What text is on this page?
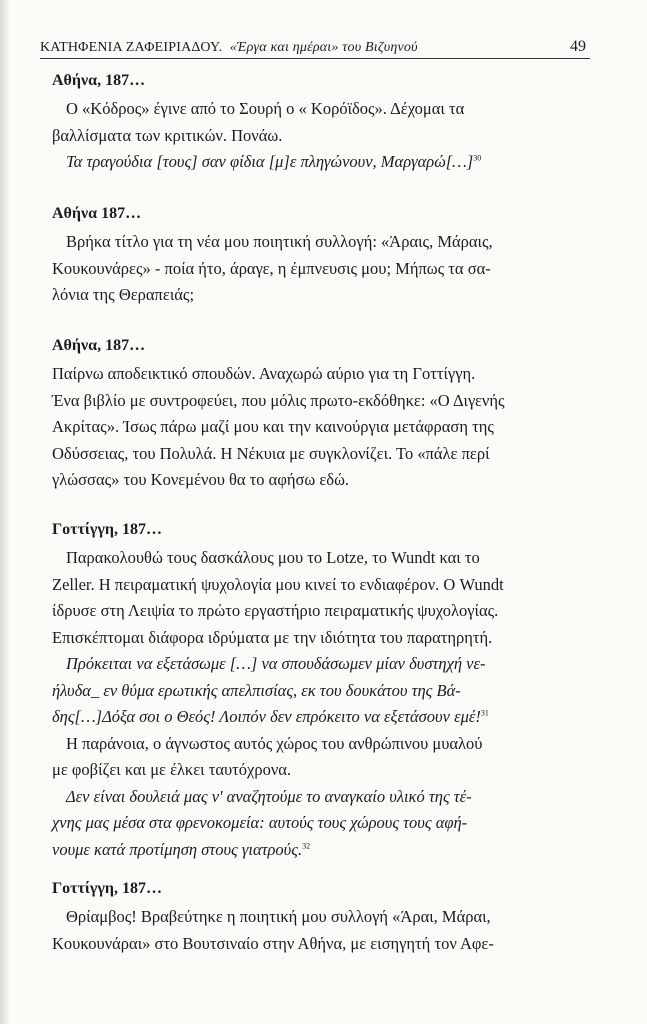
ΚΑΤΗΦΕΝΙΑ ΖΑΦΕΙΡΙΑΔΟΥ. «Έργα και ημέραι» του Βιζυηνού	49
Αθήνα, 187…
Ο «Κόδρος» έγινε από το Σουρή ο « Κορόϊδος». Δέχομαι τα
βαλλίσματα των κριτικών. Πονάω.
Τα τραγούδια [τους] σαν φίδια [μ]ε πληγώνουν, Μαργαρώ[…]$^{30}$
Αθήνα 187…
Βρήκα τίτλο για τη νέα μου ποιητική συλλογή: «Άραις, Μάραις,
Κουκουνάρες» - ποία ήτο, άραγε, η έμπνευσις μου; Μήπως τα σα-
λόνια της Θεραπειάς;
Αθήνα, 187…
Παίρνω αποδεικτικό σπουδών. Αναχωρώ αύριο για τη Γοττίγγη.
Ένα βιβλίο με συντροφεύει, που μόλις πρωτο-εκδόθηκε: «Ο Διγενής
Ακρίτας». Ίσως πάρω μαζί μου και την καινούργια μετάφραση της
Οδύσσειας, του Πολυλά. Η Νέκυια με συγκλονίζει. Το «πάλε περί
γλώσσας» του Κονεμένου θα το αφήσω εδώ.
Γοττίγγη, 187…
Παρακολουθώ τους δασκάλους μου το Lotze, το Wundt και το
Zeller. Η πειραματική ψυχολογία μου κινεί το ενδιαφέρον. Ο Wundt
ίδρυσε στη Λειψία το πρώτο εργαστήριο πειραματικής ψυχολογίας.
Επισκέπτομαι διάφορα ιδρύματα με την ιδιότητα του παρατηρητή.
Πρόκειται να εξετάσωμε […] να σπουδάσωμεν μίαν δυστηχή νε-
ήλυδα_ εν θύμα ερωτικής απελπισίας, εκ του δουκάτου της Βά-
δης[…]Δόξα σοι ο Θεός! Λοιπόν δεν επρόκειτο να εξετάσουν εμέ!$^{31}$
Η παράνοια, ο άγνωστος αυτός χώρος του ανθρώπινου μυαλού
με φοβίζει και με έλκει ταυτόχρονα.
Δεν είναι δουλειά μας ν' αναζητούμε το αναγκαίο υλικό της τέ-
χνης μας μέσα στα φρενοκομεία: αυτούς τους χώρους τους αφή-
νουμε κατά προτίμηση στους γιατρούς.$^{32}$
Γοττίγγη, 187…
Θρίαμβος! Βραβεύτηκε η ποιητική μου συλλογή «Άραι, Μάραι,
Κουκουνάραι» στο Βουτσιναίο στην Αθήνα, με εισηγητή τον Αφε-
